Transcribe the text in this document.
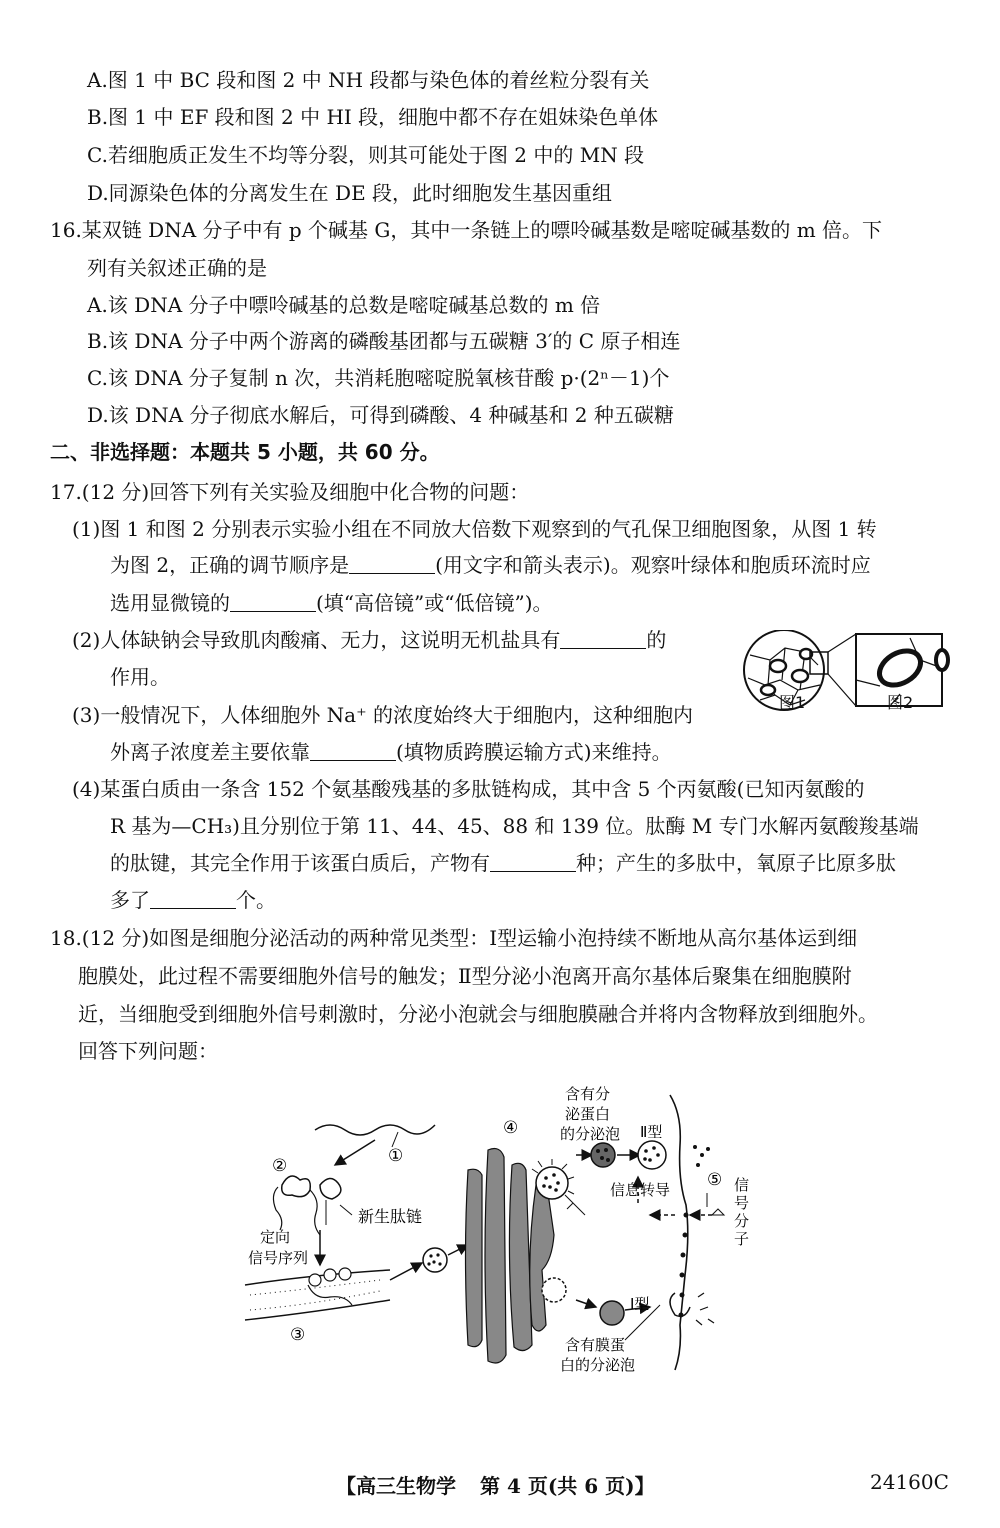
A.图 1 中 BC 段和图 2 中 NH 段都与染色体的着丝粒分裂有关
B.图 1 中 EF 段和图 2 中 HI 段，细胞中都不存在姐妹染色单体
C.若细胞质正发生不均等分裂，则其可能处于图 2 中的 MN 段
D.同源染色体的分离发生在 DE 段，此时细胞发生基因重组
16.某双链 DNA 分子中有 p 个碱基 G，其中一条链上的嘌呤碱基数是嘧啶碱基数的 m 倍。下
列有关叙述正确的是
A.该 DNA 分子中嘌呤碱基的总数是嘧啶碱基总数的 m 倍
B.该 DNA 分子中两个游离的磷酸基团都与五碳糖 3′的 C 原子相连
C.该 DNA 分子复制 n 次，共消耗胞嘧啶脱氧核苷酸 p·(2ⁿ－1)个
D.该 DNA 分子彻底水解后，可得到磷酸、4 种碱基和 2 种五碳糖
二、非选择题：本题共 5 小题，共 60 分。
17.(12 分)回答下列有关实验及细胞中化合物的问题：
(1)图 1 和图 2 分别表示实验小组在不同放大倍数下观察到的气孔保卫细胞图象，从图 1 转
为图 2，正确的调节顺序是	(用文字和箭头表示)。观察叶绿体和胞质环流时应
选用显微镜的	(填“高倍镜”或“低倍镜”)。
(2)人体缺钠会导致肌肉酸痛、无力，这说明无机盐具有	的
作用。
(3)一般情况下，人体细胞外 Na⁺ 的浓度始终大于细胞内，这种细胞内
外离子浓度差主要依靠	(填物质跨膜运输方式)来维持。
(4)某蛋白质由一条含 152 个氨基酸残基的多肽链构成，其中含 5 个丙氨酸(已知丙氨酸的
R 基为—CH₃)且分别位于第 11、44、45、88 和 139 位。肽酶 M 专门水解丙氨酸羧基端
的肽键，其完全作用于该蛋白质后，产物有	种；产生的多肽中，氧原子比原多肽
多了	个。
图1	图2
18.(12 分)如图是细胞分泌活动的两种常见类型：Ⅰ型运输小泡持续不断地从高尔基体运到细
胞膜处，此过程不需要细胞外信号的触发；Ⅱ型分泌小泡离开高尔基体后聚集在细胞膜附
近，当细胞受到细胞外信号刺激时，分泌小泡就会与细胞膜融合并将内含物释放到细胞外。
回答下列问题：
①
②
③
④
⑤
新生肽链
定向
信号序列
含有分
泌蛋白
的分泌泡 Ⅱ型
信息转导	信
号
分
子
Ⅰ型
含有膜蛋
白的分泌泡
【高三生物学 第 4 页(共 6 页)】	24160C
